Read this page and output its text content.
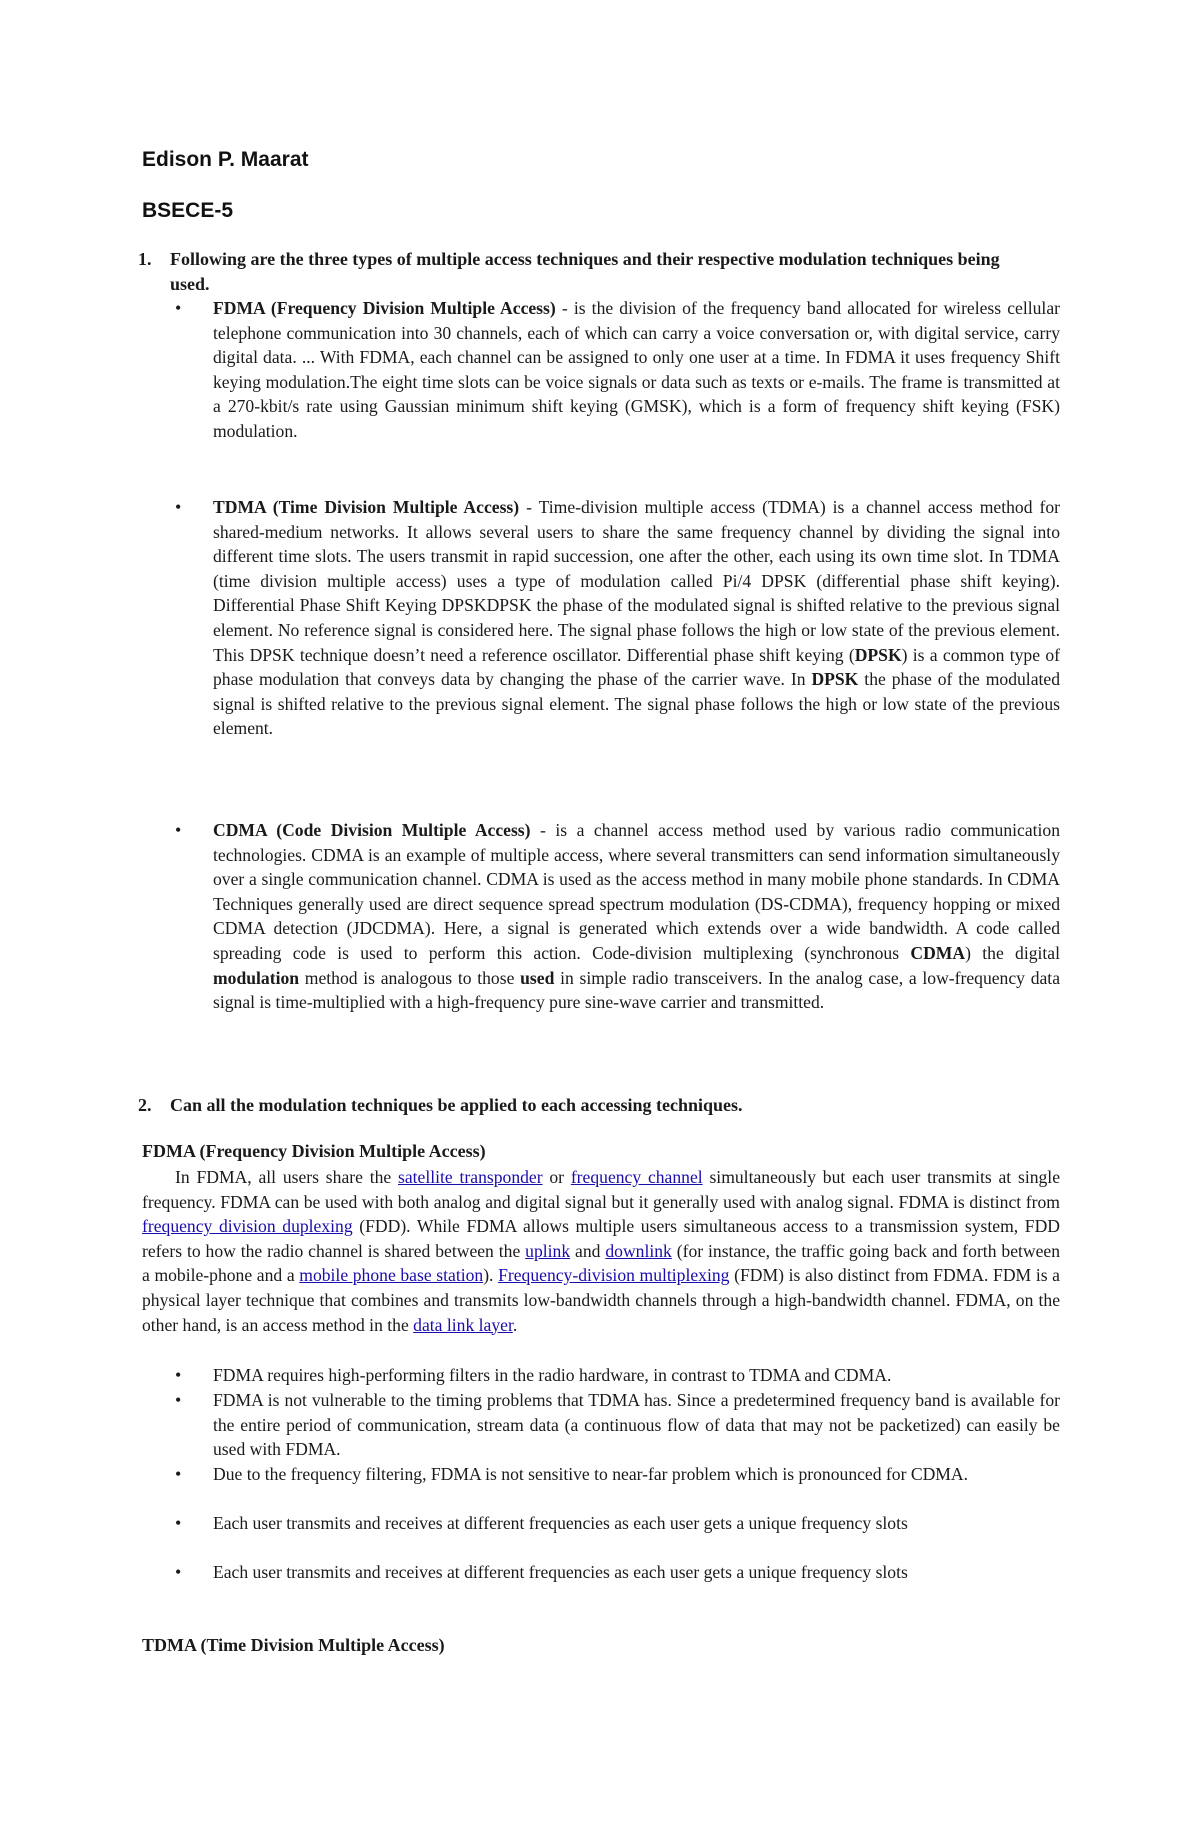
Edison P. Maarat
BSECE-5
1. Following are the three types of multiple access techniques and their respective modulation techniques being used.
• FDMA (Frequency Division Multiple Access) - is the division of the frequency band allocated for wireless cellular telephone communication into 30 channels, each of which can carry a voice conversation or, with digital service, carry digital data. ... With FDMA, each channel can be assigned to only one user at a time. In FDMA it uses frequency Shift keying modulation.The eight time slots can be voice signals or data such as texts or e-mails. The frame is transmitted at a 270-kbit/s rate using Gaussian minimum shift keying (GMSK), which is a form of frequency shift keying (FSK) modulation.
• TDMA (Time Division Multiple Access) - Time-division multiple access (TDMA) is a channel access method for shared-medium networks. It allows several users to share the same frequency channel by dividing the signal into different time slots. The users transmit in rapid succession, one after the other, each using its own time slot. In TDMA (time division multiple access) uses a type of modulation called Pi/4 DPSK (differential phase shift keying). Differential Phase Shift Keying DPSKDPSK the phase of the modulated signal is shifted relative to the previous signal element. No reference signal is considered here. The signal phase follows the high or low state of the previous element. This DPSK technique doesn’t need a reference oscillator. Differential phase shift keying (DPSK) is a common type of phase modulation that conveys data by changing the phase of the carrier wave. In DPSK the phase of the modulated signal is shifted relative to the previous signal element. The signal phase follows the high or low state of the previous element.
• CDMA (Code Division Multiple Access) - is a channel access method used by various radio communication technologies. CDMA is an example of multiple access, where several transmitters can send information simultaneously over a single communication channel. CDMA is used as the access method in many mobile phone standards. In CDMA Techniques generally used are direct sequence spread spectrum modulation (DS-CDMA), frequency hopping or mixed CDMA detection (JDCDMA). Here, a signal is generated which extends over a wide bandwidth. A code called spreading code is used to perform this action. Code-division multiplexing (synchronous CDMA) the digital modulation method is analogous to those used in simple radio transceivers. In the analog case, a low-frequency data signal is time-multiplied with a high-frequency pure sine-wave carrier and transmitted.
2. Can all the modulation techniques be applied to each accessing techniques.
FDMA (Frequency Division Multiple Access)
In FDMA, all users share the satellite transponder or frequency channel simultaneously but each user transmits at single frequency. FDMA can be used with both analog and digital signal but it generally used with analog signal. FDMA is distinct from frequency division duplexing (FDD). While FDMA allows multiple users simultaneous access to a transmission system, FDD refers to how the radio channel is shared between the uplink and downlink (for instance, the traffic going back and forth between a mobile-phone and a mobile phone base station). Frequency-division multiplexing (FDM) is also distinct from FDMA. FDM is a physical layer technique that combines and transmits low-bandwidth channels through a high-bandwidth channel. FDMA, on the other hand, is an access method in the data link layer.
• FDMA requires high-performing filters in the radio hardware, in contrast to TDMA and CDMA.
• FDMA is not vulnerable to the timing problems that TDMA has. Since a predetermined frequency band is available for the entire period of communication, stream data (a continuous flow of data that may not be packetized) can easily be used with FDMA.
• Due to the frequency filtering, FDMA is not sensitive to near-far problem which is pronounced for CDMA.
• Each user transmits and receives at different frequencies as each user gets a unique frequency slots
• Each user transmits and receives at different frequencies as each user gets a unique frequency slots
TDMA (Time Division Multiple Access)
